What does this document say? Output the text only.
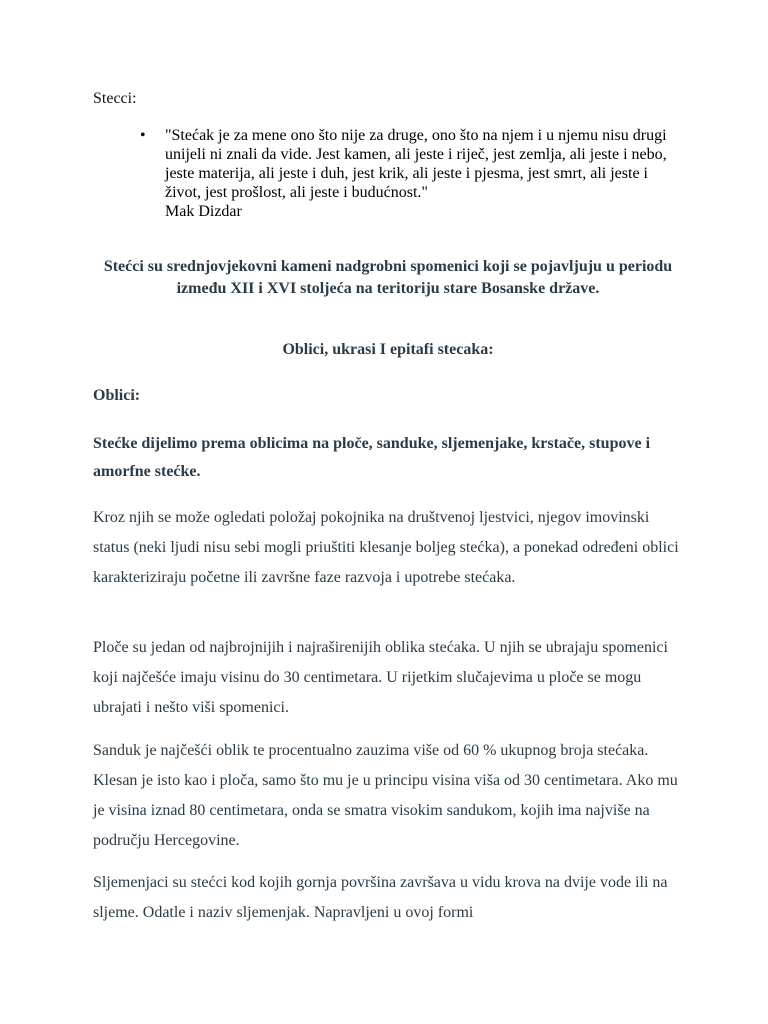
Stecci:

• "Stećak je za mene ono što nije za druge, ono što na njem i u njemu nisu drugi unijeli ni znali da vide. Jest kamen, ali jeste i riječ, jest zemlja, ali jeste i nebo, jeste materija, ali jeste i duh, jest krik, ali jeste i pjesma, jest smrt, ali jeste i život, jest prošlost, ali jeste i budućnost."
Mak Dizdar

Stećci su srednjovjekovni kameni nadgrobni spomenici koji se pojavljuju u periodu između XII i XVI stoljeća na teritoriju stare Bosanske države.

Oblici, ukrasi I epitafi stecaka:

Oblici:

Stećke dijelimo prema oblicima na ploče, sanduke, sljemenjake, krstače, stupove i amorfne stećke.

Kroz njih se može ogledati položaj pokojnika na društvenoj ljestvici, njegov imovinski status (neki ljudi nisu sebi mogli priuštiti klesanje boljeg stećka), a ponekad određeni oblici karakteriziraju početne ili završne faze razvoja i upotrebe stećaka.

Ploče su jedan od najbrojnijih i najraširenijih oblika stećaka. U njih se ubrajaju spomenici koji najčešće imaju visinu do 30 centimetara. U rijetkim slučajevima u ploče se mogu ubrajati i nešto viši spomenici.

Sanduk je najčešći oblik te procentualno zauzima više od 60 % ukupnog broja stećaka. Klesan je isto kao i ploča, samo što mu je u principu visina viša od 30 centimetara. Ako mu je visina iznad 80 centimetara, onda se smatra visokim sandukom, kojih ima najviše na području Hercegovine.

Sljemenjaci su stećci kod kojih gornja površina završava u vidu krova na dvije vode ili na sljeme. Odatle i naziv sljemenjak. Napravljeni u ovoj formi
